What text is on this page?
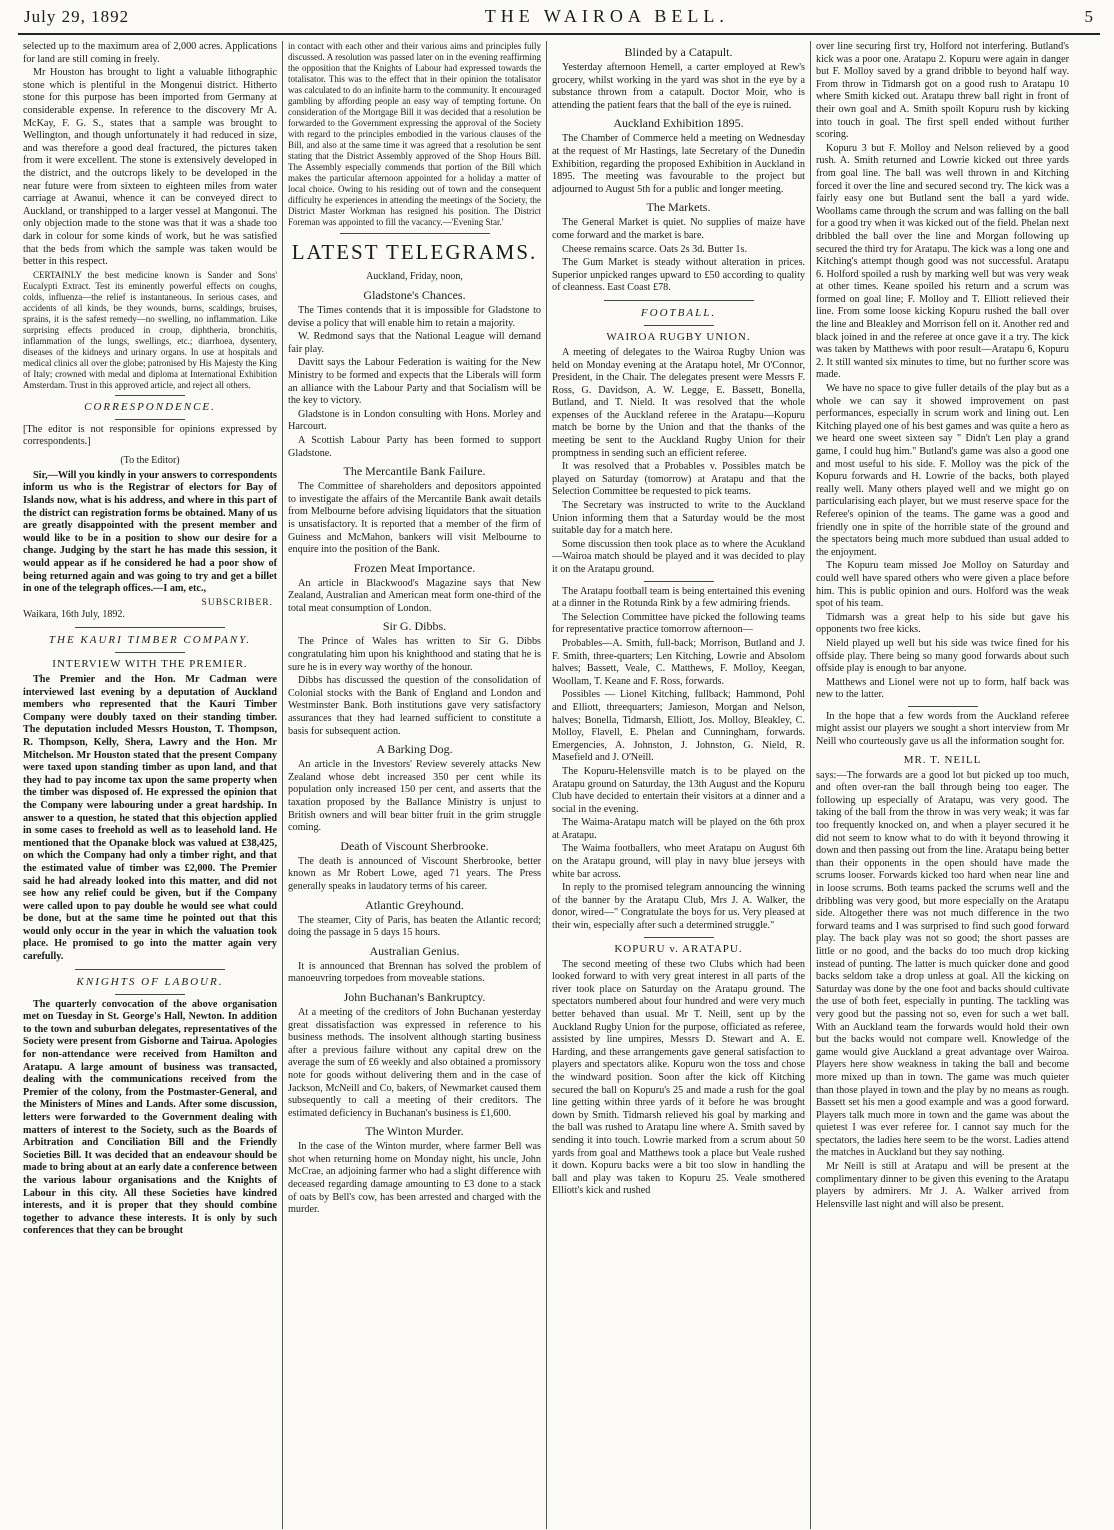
July 29, 1892	THE WAIROA BELL.	5

selected up to the maximum area of 2,000 acres. Applications for land are still coming in freely.

Mr Houston has brought to light a valuable lithographic stone which is plentiful in the Mongenui district. Hitherto stone for this purpose has been imported from Germany at considerable expense. In reference to the discovery Mr A. McKay, F. G. S., states that a sample was brought to Wellington, and though unfortunately it had reduced in size, and was therefore a good deal fractured, the pictures taken from it were excellent. The stone is extensively developed in the district, and the outcrops likely to be developed in the near future were from sixteen to eighteen miles from water carriage at Awanui, whence it can be conveyed direct to Auckland, or transhipped to a larger vessel at Mangonui. The only objection made to the stone was that it was a shade too dark in colour for some kinds of work, but he was satisfied that the beds from which the sample was taken would be better in this respect.

CERTAINLY the best medicine known is Sander and Sons' Eucalypti Extract. Test its eminently powerful effects on coughs, colds, influenza—the relief is instantaneous. In serious cases, and accidents of all kinds, be they wounds, burns, scaldings, bruises, sprains, it is the safest remedy—no swelling, no inflammation. Like surprising effects produced in croup, diphtheria, bronchitis, inflammation of the lungs, swellings, etc.; diarrhoea, dysentery, diseases of the kidneys and urinary organs. In use at hospitals and medical clinics all over the globe; patronised by His Majesty the King of Italy; crowned with medal and diploma at International Exhibition Amsterdam. Trust in this approved article, and reject all others.

CORRESPONDENCE.

[The editor is not responsible for opinions expressed by correspondents.]

(To the Editor)

Sir,—Will you kindly in your answers to correspondents inform us who is the Registrar of electors for Bay of Islands now, what is his address, and where in this part of the district can registration forms be obtained. Many of us are greatly disappointed with the present member and would like to be in a position to show our desire for a change. Judging by the start he has made this session, it would appear as if he considered he had a poor show of being returned again and was going to try and get a billet in one of the telegraph offices.—I am, etc.,

SUBSCRIBER.

Waikara, 16th July, 1892.

THE KAURI TIMBER COMPANY.
INTERVIEW WITH THE PREMIER.

The Premier and the Hon. Mr Cadman were interviewed last evening by a deputation of Auckland members who represented that the Kauri Timber Company were doubly taxed on their standing timber. The deputation included Messrs Houston, T. Thompson, R. Thompson, Kelly, Shera, Lawry and the Hon. Mr Mitchelson. Mr Houston stated that the present Company were taxed upon standing timber as upon land, and that they had to pay income tax upon the same property when the timber was disposed of. He expressed the opinion that the Company were labouring under a great hardship. In answer to a question, he stated that this objection applied in some cases to freehold as well as to leasehold land. He mentioned that the Opanake block was valued at £38,425, on which the Company had only a timber right, and that the estimated value of timber was £2,000. The Premier said he had already looked into this matter, and did not see how any relief could be given, but if the Company were called upon to pay double he would see what could be done, but at the same time he pointed out that this would only occur in the year in which the valuation took place. He promised to go into the matter again very carefully.

KNIGHTS OF LABOUR.

The quarterly convocation of the above organisation met on Tuesday in St. George's Hall, Newton. In addition to the town and suburban delegates, representatives of the Society were present from Gisborne and Tairua. Apologies for non-attendance were received from Hamilton and Aratapu. A large amount of business was transacted, dealing with the communications received from the Premier of the colony, from the Postmaster-General, and the Ministers of Mines and Lands. After some discussion, letters were forwarded to the Government dealing with matters of interest to the Society, such as the Boards of Arbitration and Conciliation Bill and the Friendly Societies Bill. It was decided that an endeavour should be made to bring about at an early date a conference between the various labour organisations and the Knights of Labour in this city. All these Societies have kindred interests, and it is proper that they should combine together to advance these interests. It is only by such conferences that they can be brought

in contact with each other and their various aims and principles fully discussed. A resolution was passed later on in the evening reaffirming the opposition that the Knights of Labour had expressed towards the totalisator. This was to the effect that in their opinion the totalisator was calculated to do an infinite harm to the community. It encouraged gambling by affording people an easy way of tempting fortune. On consideration of the Mortgage Bill it was decided that a resolution be forwarded to the Government expressing the approval of the Society with regard to the principles embodied in the various clauses of the Bill, and also at the same time it was agreed that a resolution be sent stating that the District Assembly approved of the Shop Hours Bill. The Assembly especially commends that portion of the Bill which makes the particular afternoon appointed for a holiday a matter of local choice. Owing to his residing out of town and the consequent difficulty he experiences in attending the meetings of the Society, the District Master Workman has resigned his position. The District Foreman was appointed to fill the vacancy.—'Evening Star.'

LATEST TELEGRAMS.
Auckland, Friday, noon,
Gladstone's Chances.

The Times contends that it is impossible for Gladstone to devise a policy that will enable him to retain a majority.

W. Redmond says that the National League will demand fair play.

Davitt says the Labour Federation is waiting for the New Ministry to be formed and expects that the Liberals will form an alliance with the Labour Party and that Socialism will be the key to victory.

Gladstone is in London consulting with Hons. Morley and Harcourt.

A Scottish Labour Party has been formed to support Gladstone.

The Mercantile Bank Failure.

The Committee of shareholders and depositors appointed to investigate the affairs of the Mercantile Bank await details from Melbourne before advising liquidators that the situation is unsatisfactory. It is reported that a member of the firm of Guiness and McMahon, bankers will visit Melbourne to enquire into the position of the Bank.

Frozen Meat Importance.

An article in Blackwood's Magazine says that New Zealand, Australian and American meat form one-third of the total meat consumption of London.

Sir G. Dibbs.

The Prince of Wales has written to Sir G. Dibbs congratulating him upon his knighthood and stating that he is sure he is in every way worthy of the honour.

Dibbs has discussed the question of the consolidation of Colonial stocks with the Bank of England and London and Westminster Bank. Both institutions gave very satisfactory assurances that they had learned sufficient to constitute a basis for subsequent action.

A Barking Dog.

An article in the Investors' Review severely attacks New Zealand whose debt increased 350 per cent while its population only increased 150 per cent, and asserts that the taxation proposed by the Ballance Ministry is unjust to British owners and will bear bitter fruit in the grim struggle coming.

Death of Viscount Sherbrooke.

The death is announced of Viscount Sherbrooke, better known as Mr Robert Lowe, aged 71 years. The Press generally speaks in laudatory terms of his career.

Atlantic Greyhound.

The steamer, City of Paris, has beaten the Atlantic record; doing the passage in 5 days 15 hours.

Australian Genius.

It is announced that Brennan has solved the problem of manoeuvring torpedoes from moveable stations.

John Buchanan's Bankruptcy.

At a meeting of the creditors of John Buchanan yesterday great dissatisfaction was expressed in reference to his business methods. The insolvent although starting business after a previous failure without any capital drew on the average the sum of £6 weekly and also obtained a promissory note for goods without delivering them and in the case of Jackson, McNeill and Co, bakers, of Newmarket caused them subsequently to call a meeting of their creditors. The estimated deficiency in Buchanan's business is £1,600.

The Winton Murder.

In the case of the Winton murder, where farmer Bell was shot when returning home on Monday night, his uncle, John McCrae, an adjoining farmer who had a slight difference with deceased regarding damage amounting to £3 done to a stack of oats by Bell's cow, has been arrested and charged with the murder.

Blinded by a Catapult.

Yesterday afternoon Hemell, a carter employed at Rew's grocery, whilst working in the yard was shot in the eye by a substance thrown from a catapult. Doctor Moir, who is attending the patient fears that the ball of the eye is ruined.

Auckland Exhibition 1895.

The Chamber of Commerce held a meeting on Wednesday at the request of Mr Hastings, late Secretary of the Dunedin Exhibition, regarding the proposed Exhibition in Auckland in 1895. The meeting was favourable to the project but adjourned to August 5th for a public and longer meeting.

The Markets.

The General Market is quiet. No supplies of maize have come forward and the market is bare.

Cheese remains scarce. Oats 2s 3d. Butter 1s.

The Gum Market is steady without alteration in prices. Superior unpicked ranges upward to £50 according to quality of cleanness. East Coast £78.

FOOTBALL.
WAIROA RUGBY UNION.

A meeting of delegates to the Wairoa Rugby Union was held on Monday evening at the Aratapu hotel, Mr O'Connor, President, in the Chair. The delegates present were Messrs F. Ross, G. Davidson, A. W. Legge, E. Bassett, Bonella, Butland, and T. Nield. It was resolved that the whole expenses of the Auckland referee in the Aratapu—Kopuru match be borne by the Union and that the thanks of the meeting be sent to the Auckland Rugby Union for their promptness in sending such an efficient referee.

It was resolved that a Probables v. Possibles match be played on Saturday (tomorrow) at Aratapu and that the Selection Committee be requested to pick teams.

The Secretary was instructed to write to the Auckland Union informing them that a Saturday would be the most suitable day for a match here.

Some discussion then took place as to where the Acukland—Wairoa match should be played and it was decided to play it on the Aratapu ground.

The Aratapu football team is being entertained this evening at a dinner in the Rotunda Rink by a few admiring friends.

The Selection Committee have picked the following teams for representative practice tomorrow afternoon—

Probables—A. Smith, full-back; Morrison, Butland and J. F. Smith, three-quarters; Len Kitching, Lowrie and Absolom halves; Bassett, Veale, C. Matthews, F. Molloy, Keegan, Woollam, T. Keane and F. Ross, forwards.

Possibles — Lionel Kitching, fullback; Hammond, Pohl and Elliott, threequarters; Jamieson, Morgan and Nelson, halves; Bonella, Tidmarsh, Elliott, Jos. Molloy, Bleakley, C. Molloy, Flavell, E. Phelan and Cunningham, forwards. Emergencies, A. Johnston, J. Johnston, G. Nield, R. Masefield and J. O'Neill.

The Kopuru-Helensville match is to be played on the Aratapu ground on Saturday, the 13th August and the Kopuru Club have decided to entertain their visitors at a dinner and a social in the evening.

The Waima-Aratapu match will be played on the 6th prox at Aratapu.

The Waima footballers, who meet Aratapu on August 6th on the Aratapu ground, will play in navy blue jerseys with white bar across.

In reply to the promised telegram announcing the winning of the banner by the Aratapu Club, Mrs J. A. Walker, the donor, wired—" Congratulate the boys for us. Very pleased at their win, especially after such a determined struggle."

KOPURU v. ARATAPU.

The second meeting of these two Clubs which had been looked forward to with very great interest in all parts of the river took place on Saturday on the Aratapu ground. The spectators numbered about four hundred and were very much better behaved than usual. Mr T. Neill, sent up by the Auckland Rugby Union for the purpose, officiated as referee, assisted by line umpires, Messrs D. Stewart and A. E. Harding, and these arrangements gave general satisfaction to players and spectators alike. Kopuru won the toss and chose the windward position. Soon after the kick off Kitching secured the ball on Kopuru's 25 and made a rush for the goal line getting within three yards of it before he was brought down by Smith. Tidmarsh relieved his goal by marking and the ball was rushed to Aratapu line where A. Smith saved by sending it into touch. Lowrie marked from a scrum about 50 yards from goal and Matthews took a place but Veale rushed it down. Kopuru backs were a bit too slow in handling the ball and play was taken to Kopuru 25. Veale smothered Elliott's kick and rushed

over line securing first try, Holford not interfering. Butland's kick was a poor one. Aratapu 2. Kopuru were again in danger but F. Molloy saved by a grand dribble to beyond half way. From throw in Tidmarsh got on a good rush to Aratapu 10 where Smith kicked out. Aratapu threw ball right in front of their own goal and A. Smith spoilt Kopuru rush by kicking into touch in goal. The first spell ended without further scoring.

Kopuru 3 but F. Molloy and Nelson relieved by a good rush. A. Smith returned and Lowrie kicked out three yards from goal line. The ball was well thrown in and Kitching forced it over the line and secured second try. The kick was a fairly easy one but Butland sent the ball a yard wide. Woollams came through the scrum and was falling on the ball for a good try when it was kicked out of the field. Phelan next dribbled the ball over the line and Morgan following up secured the third try for Aratapu. The kick was a long one and Kitching's attempt though good was not successful. Aratapu 6. Holford spoiled a rush by marking well but was very weak at other times. Keane spoiled his return and a scrum was formed on goal line; F. Molloy and T. Elliott relieved their line. From some loose kicking Kopuru rushed the ball over the line and Bleakley and Morrison fell on it. Another red and black joined in and the referee at once gave it a try. The kick was taken by Matthews with poor result—Aratapu 6, Kopuru 2. It still wanted six minutes to time, but no further score was made.

We have no space to give fuller details of the play but as a whole we can say it showed improvement on past performances, especially in scrum work and lining out. Len Kitching played one of his best games and was quite a hero as we heard one sweet sixteen say " Didn't Len play a grand game, I could hug him." Butland's game was also a good one and most useful to his side. F. Molloy was the pick of the Kopuru forwards and H. Lowrie of the backs, both played really well. Many others played well and we might go on particularising each player, but we must reserve space for the Referee's opinion of the teams. The game was a good and friendly one in spite of the horrible state of the ground and the spectators being much more subdued than usual added to the enjoyment.

The Kopuru team missed Joe Molloy on Saturday and could well have spared others who were given a place before him. This is public opinion and ours. Holford was the weak spot of his team.

Tidmarsh was a great help to his side but gave his opponents two free kicks.

Nield played up well but his side was twice fined for his offside play. There being so many good forwards about such offside play is enough to bar anyone.

Matthews and Lionel were not up to form, half back was new to the latter.

In the hope that a few words from the Auckland referee might assist our players we sought a short interview from Mr Neill who courteously gave us all the information sought for.

MR. T. NEILL

says:—The forwards are a good lot but picked up too much, and often over-ran the ball through being too eager. The following up especially of Aratapu, was very good. The taking of the ball from the throw in was very weak; it was far too frequently knocked on, and when a player secured it he did not seem to know what to do with it beyond throwing it down and then passing out from the line. Aratapu being better than their opponents in the open should have made the scrums looser. Forwards kicked too hard when near line and in loose scrums. Both teams packed the scrums well and the dribbling was very good, but more especially on the Aratapu side. Altogether there was not much difference in the two forward teams and I was surprised to find such good forward play. The back play was not so good; the short passes are little or no good, and the backs do too much drop kicking instead of punting. The latter is much quicker done and good backs seldom take a drop unless at goal. All the kicking on Saturday was done by the one foot and backs should cultivate the use of both feet, especially in punting. The tackling was very good but the passing not so, even for such a wet ball. With an Auckland team the forwards would hold their own but the backs would not compare well. Knowledge of the game would give Auckland a great advantage over Wairoa. Players here show weakness in taking the ball and become more mixed up than in town. The game was much quieter than those played in town and the play by no means as rough. Bassett set his men a good example and was a good forward. Players talk much more in town and the game was about the quietest I was ever referee for. I cannot say much for the spectators, the ladies here seem to be the worst. Ladies attend the matches in Auckland but they say nothing.

Mr Neill is still at Aratapu and will be present at the complimentary dinner to be given this evening to the Aratapu players by admirers. Mr J. A. Walker arrived from Helensville last night and will also be present.
